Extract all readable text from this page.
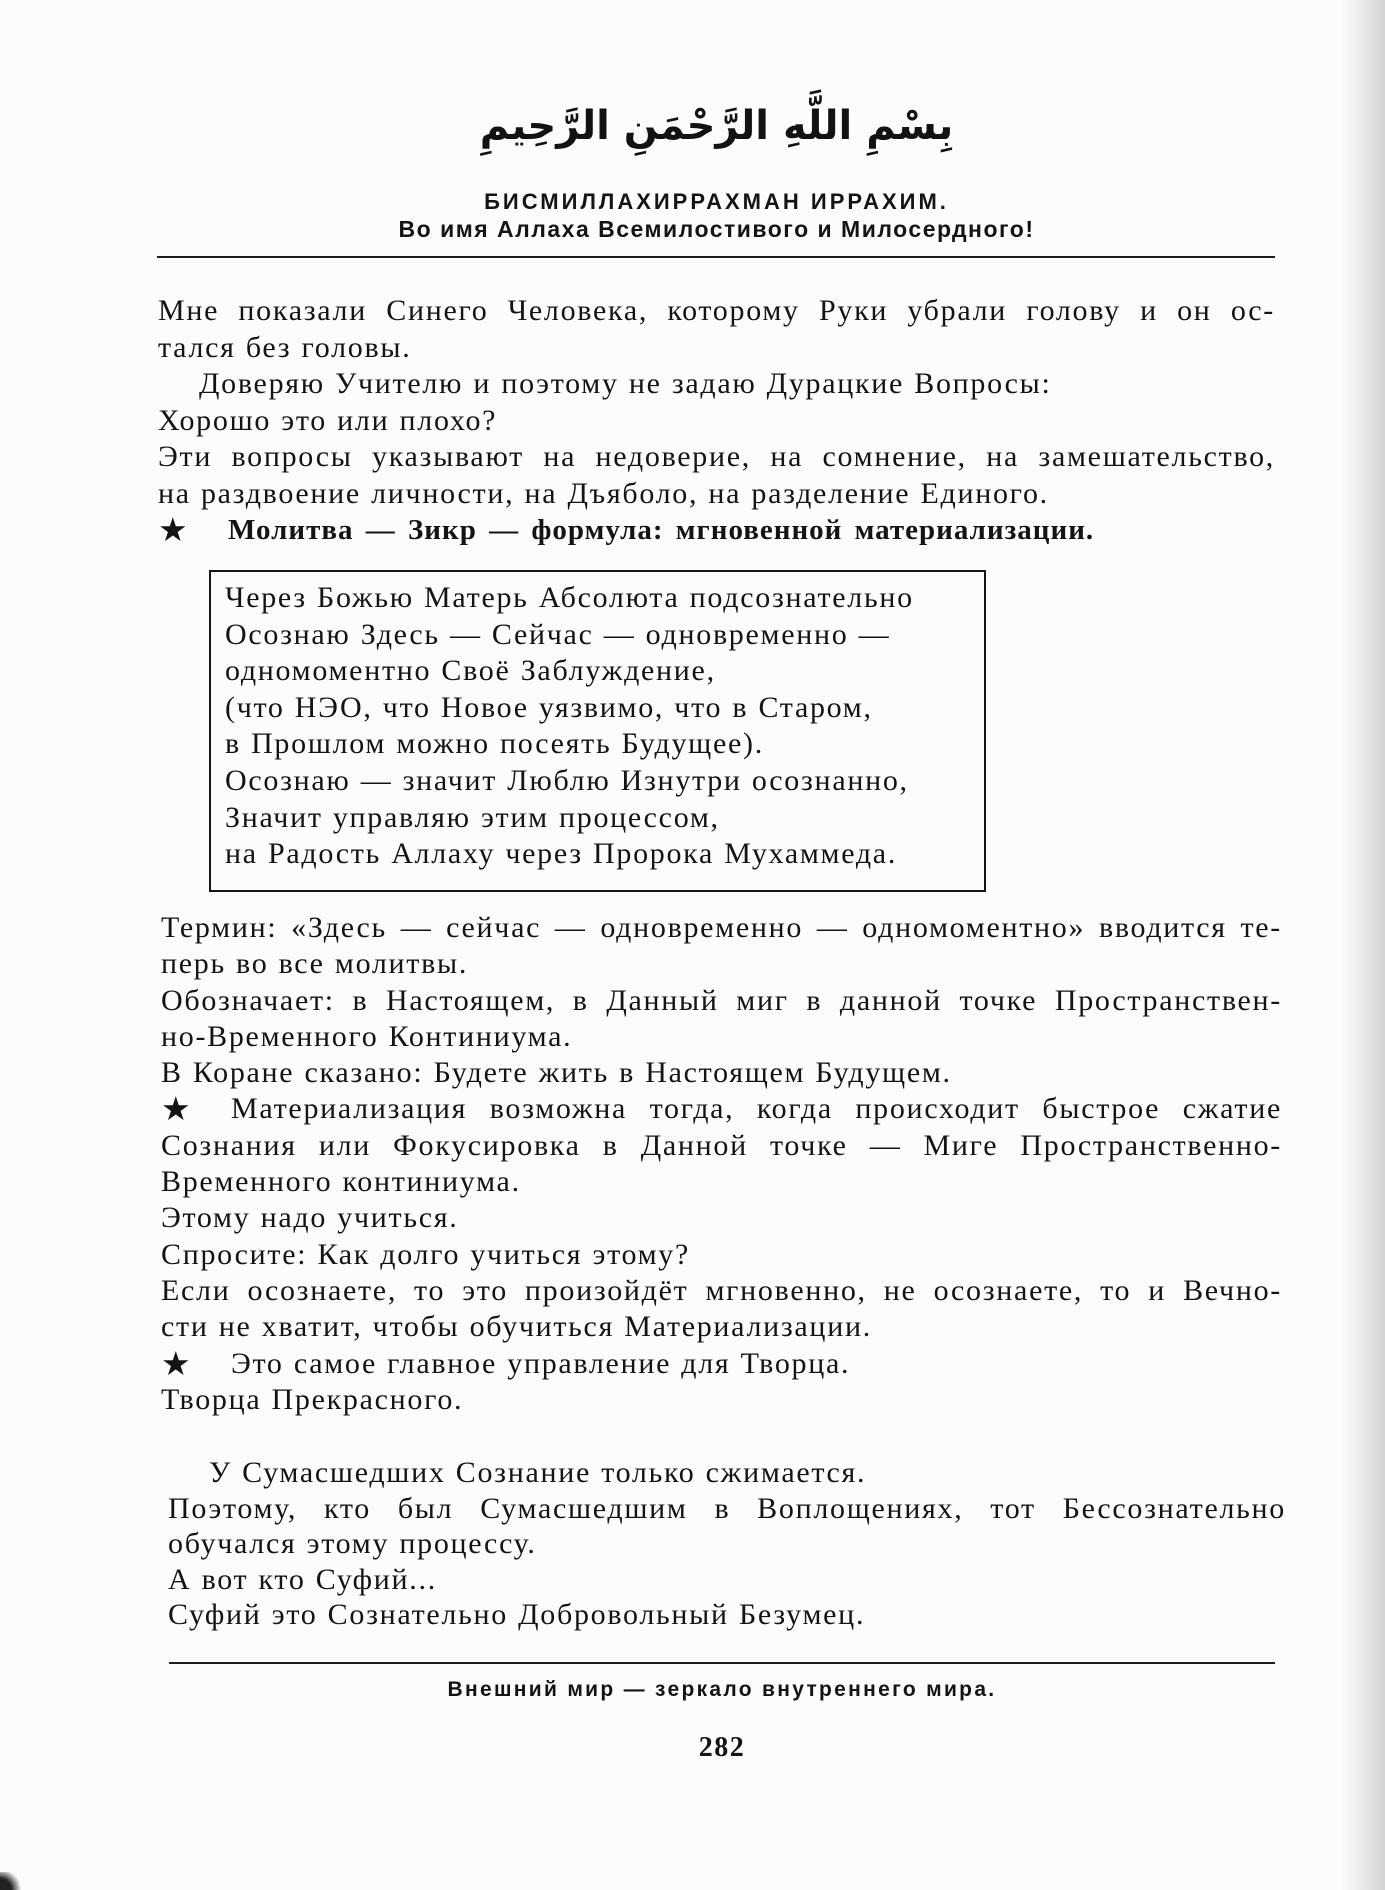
بِسْمِ اللَّهِ الرَّحْمَنِ الرَّحِيمِ
БИСМИЛЛАХИРРАХМАН ИРРАХИМ.
Во имя Аллаха Всемилостивого и Милосердного!
Мне показали Синего Человека, которому Руки убрали голову и он ос-
тался без головы.
Доверяю Учителю и поэтому не задаю Дурацкие Вопросы:
Хорошо это или плохо?
Эти вопросы указывают на недоверие, на сомнение, на замешательство,
на раздвоение личности, на Дъяболо, на разделение Единого.
★	Молитва — Зикр — формула: мгновенной материализации.
Через Божью Матерь Абсолюта подсознательно
Осознаю Здесь — Сейчас — одновременно —
одномоментно Своё Заблуждение,
(что НЭО, что Новое уязвимо, что в Старом,
в Прошлом можно посеять Будущее).
Осознаю — значит Люблю Изнутри осознанно,
Значит управляю этим процессом,
на Радость Аллаху через Пророка Мухаммеда.
Термин: «Здесь — сейчас — одновременно — одномоментно» вводится те-
перь во все молитвы.
Обозначает: в Настоящем, в Данный миг в данной точке Пространствен-
но-Временного Континиума.
В Коране сказано: Будете жить в Настоящем Будущем.
★	Материализация возможна тогда, когда происходит быстрое сжатие
Сознания или Фокусировка в Данной точке — Миге Пространственно-
Временного континиума.
Этому надо учиться.
Спросите: Как долго учиться этому?
Если осознаете, то это произойдёт мгновенно, не осознаете, то и Вечно-
сти не хватит, чтобы обучиться Материализации.
★	Это самое главное управление для Творца.
Творца Прекрасного.
У Сумасшедших Сознание только сжимается.
Поэтому, кто был Сумасшедшим в Воплощениях, тот Бессознательно
обучался этому процессу.
А вот кто Суфий...
Суфий это Сознательно Добровольный Безумец.
Внешний мир — зеркало внутреннего мира.
282
